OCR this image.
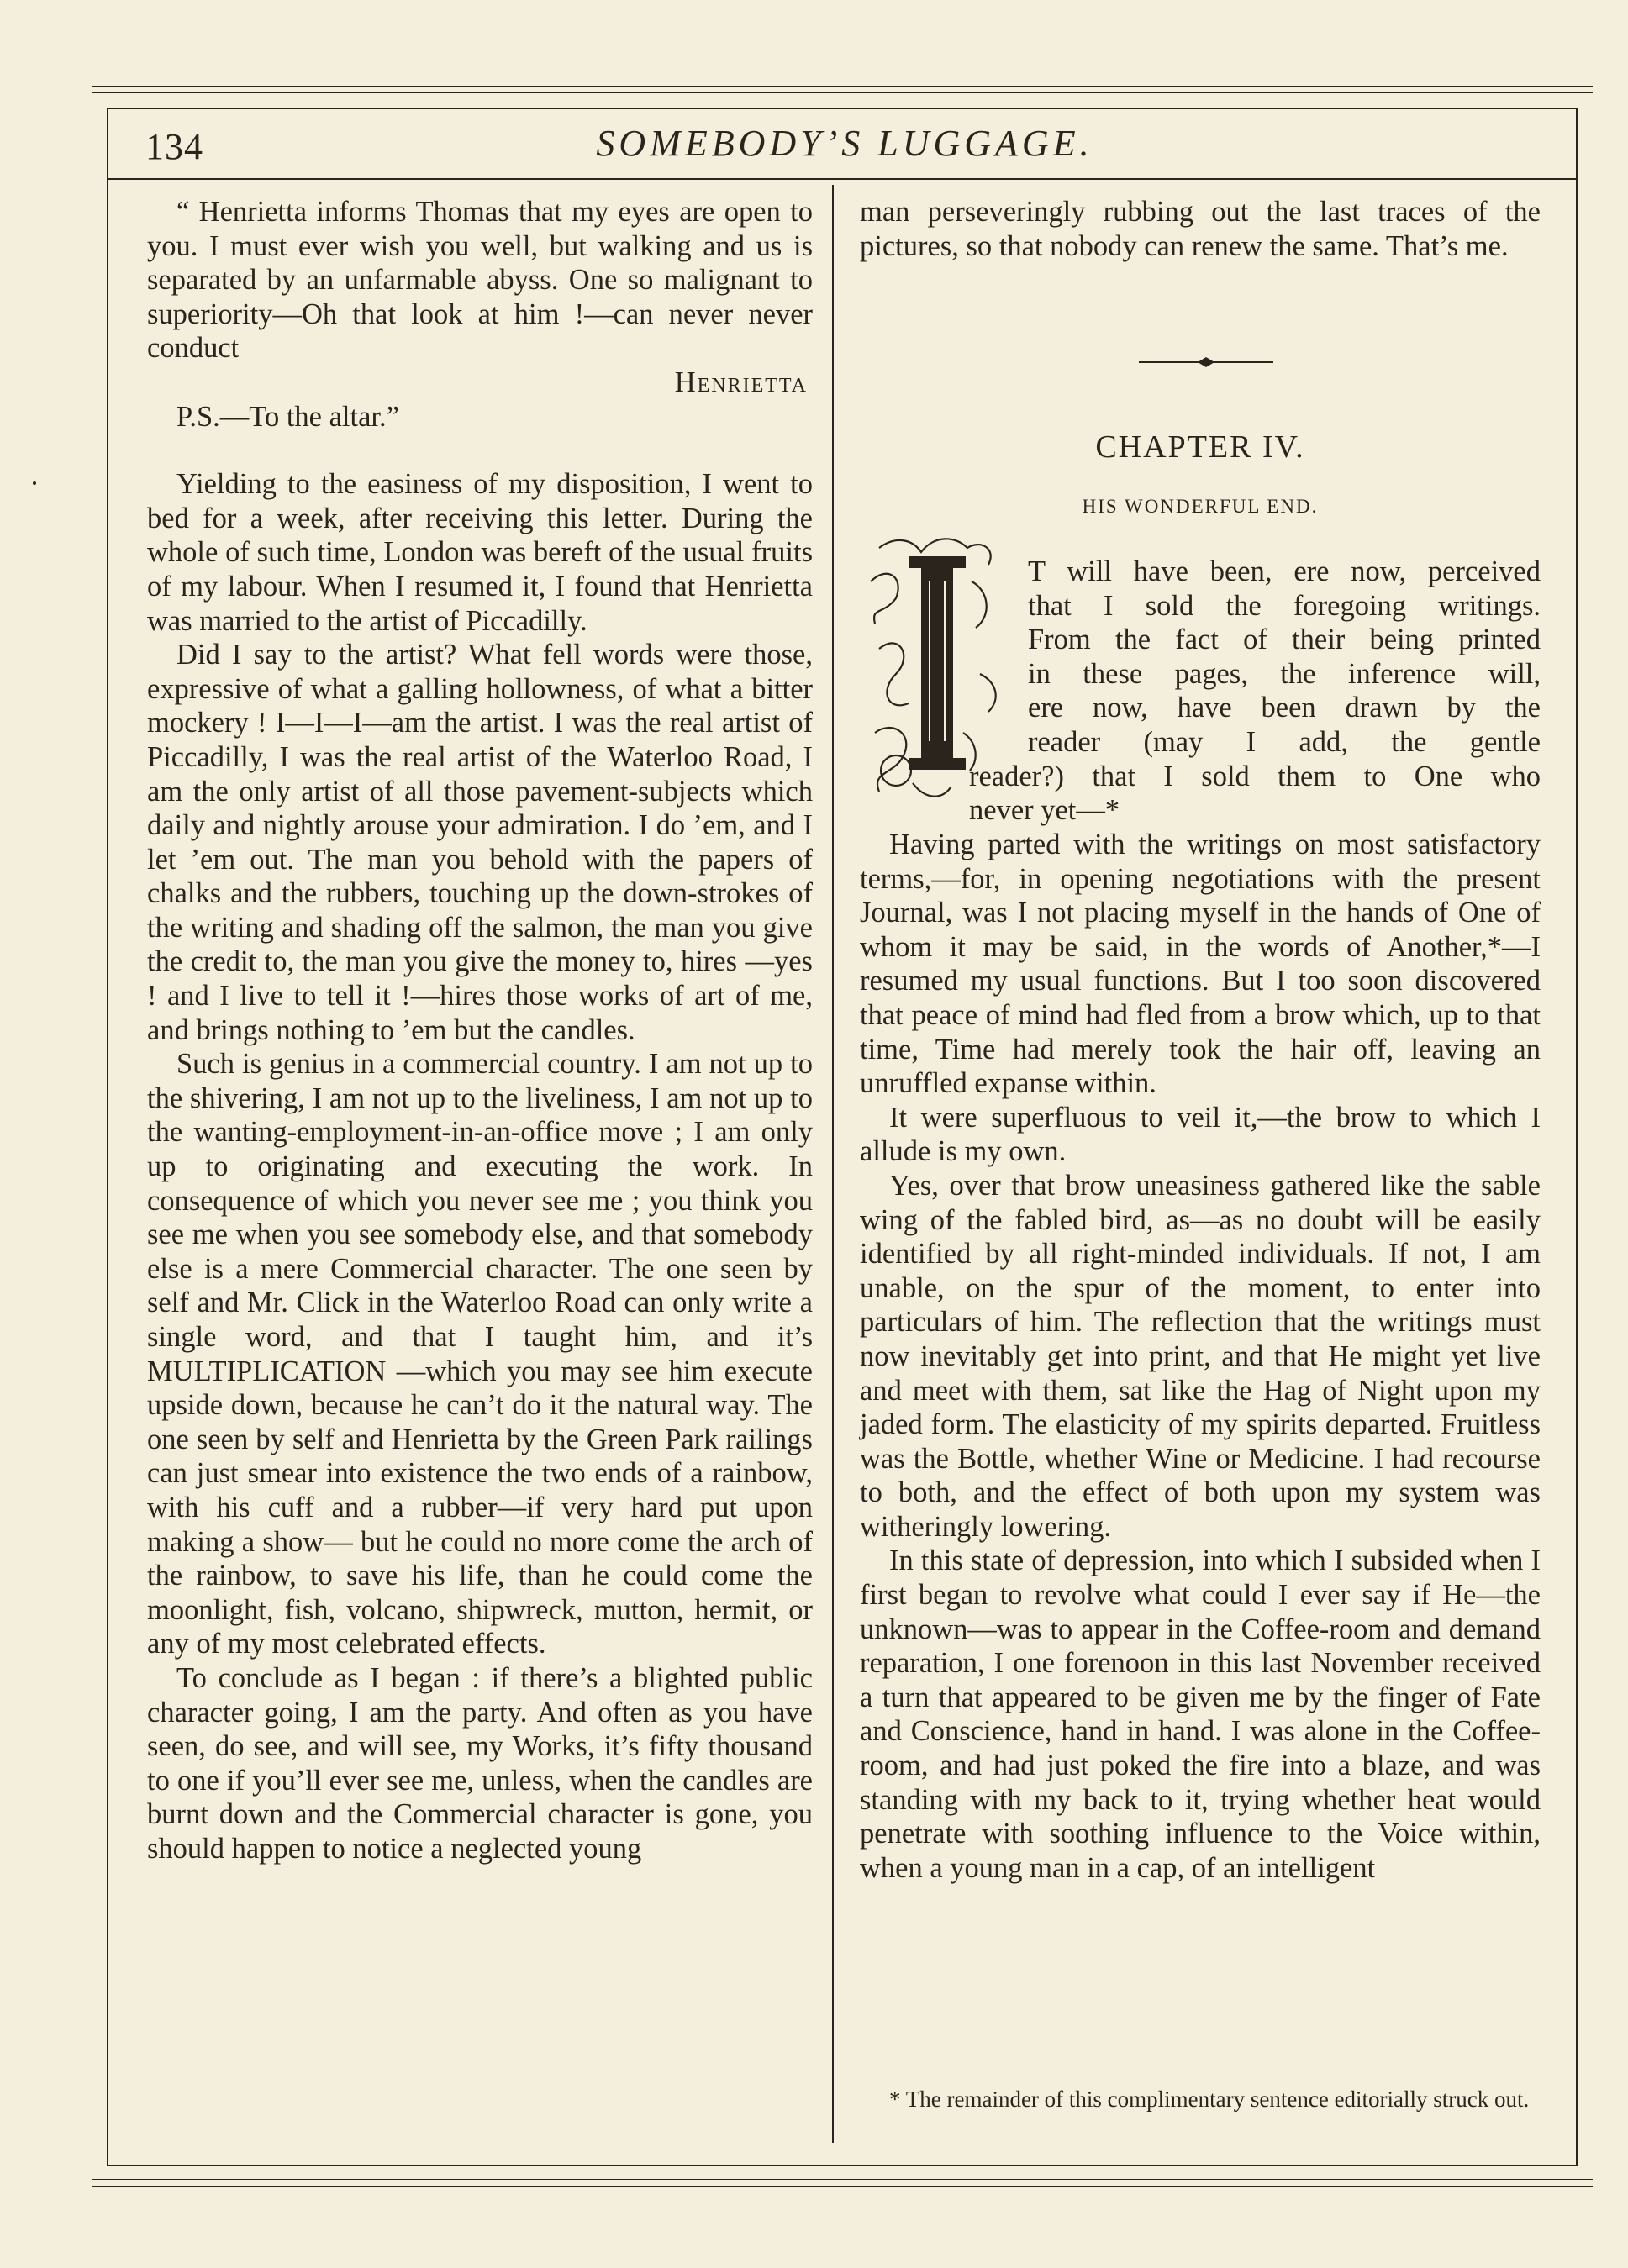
134	SOMEBODY’S LUGGAGE.

“ Henrietta informs Thomas that my eyes are open to you. I must ever wish you well, but walking and us is separated by an unfarmable abyss. One so malignant to superiority—Oh that look at him !—can never never conduct

Henrietta

P.S.—To the altar.”

Yielding to the easiness of my disposition, I went to bed for a week, after receiving this letter. During the whole of such time, London was bereft of the usual fruits of my labour. When I resumed it, I found that Henrietta was married to the artist of Piccadilly.

Did I say to the artist? What fell words were those, expressive of what a galling hollowness, of what a bitter mockery ! I—I—I—am the artist. I was the real artist of Piccadilly, I was the real artist of the Waterloo Road, I am the only artist of all those pavement-subjects which daily and nightly arouse your admiration. I do ’em, and I let ’em out. The man you behold with the papers of chalks and the rubbers, touching up the down-strokes of the writing and shading off the salmon, the man you give the credit to, the man you give the money to, hires —yes ! and I live to tell it !—hires those works of art of me, and brings nothing to ’em but the candles.

Such is genius in a commercial country. I am not up to the shivering, I am not up to the liveliness, I am not up to the wanting-employment-in-an-office move ; I am only up to originating and executing the work. In consequence of which you never see me ; you think you see me when you see somebody else, and that somebody else is a mere Commercial character. The one seen by self and Mr. Click in the Waterloo Road can only write a single word, and that I taught him, and it’s MULTIPLICATION —which you may see him execute upside down, because he can’t do it the natural way. The one seen by self and Henrietta by the Green Park railings can just smear into existence the two ends of a rainbow, with his cuff and a rubber—if very hard put upon making a show— but he could no more come the arch of the rainbow, to save his life, than he could come the moonlight, fish, volcano, shipwreck, mutton, hermit, or any of my most celebrated effects.

To conclude as I began : if there’s a blighted public character going, I am the party. And often as you have seen, do see, and will see, my Works, it’s fifty thousand to one if you’ll ever see me, unless, when the candles are burnt down and the Commercial character is gone, you should happen to notice a neglected young

man perseveringly rubbing out the last traces of the pictures, so that nobody can renew the same. That’s me.

CHAPTER IV.
HIS WONDERFUL END.
T will have been, ere now, perceived
that I sold the foregoing writings.
From the fact of their being printed
in these pages, the inference will,
ere now, have been drawn by the
reader (may I add, the gentle
reader?) that I sold them to One who
never yet—*

Having parted with the writings on most satisfactory terms,—for, in opening negotiations with the present Journal, was I not placing myself in the hands of One of whom it may be said, in the words of Another,*—I resumed my usual functions. But I too soon discovered that peace of mind had fled from a brow which, up to that time, Time had merely took the hair off, leaving an unruffled expanse within.

It were superfluous to veil it,—the brow to which I allude is my own.

Yes, over that brow uneasiness gathered like the sable wing of the fabled bird, as—as no doubt will be easily identified by all right-minded individuals. If not, I am unable, on the spur of the moment, to enter into particulars of him. The reflection that the writings must now inevitably get into print, and that He might yet live and meet with them, sat like the Hag of Night upon my jaded form. The elasticity of my spirits departed. Fruitless was the Bottle, whether Wine or Medicine. I had recourse to both, and the effect of both upon my system was witheringly lowering.

In this state of depression, into which I subsided when I first began to revolve what could I ever say if He—the unknown—was to appear in the Coffee-room and demand reparation, I one forenoon in this last November received a turn that appeared to be given me by the finger of Fate and Conscience, hand in hand. I was alone in the Coffee-room, and had just poked the fire into a blaze, and was standing with my back to it, trying whether heat would penetrate with soothing influence to the Voice within, when a young man in a cap, of an intelligent

* The remainder of this complimentary sentence editorially struck out.
